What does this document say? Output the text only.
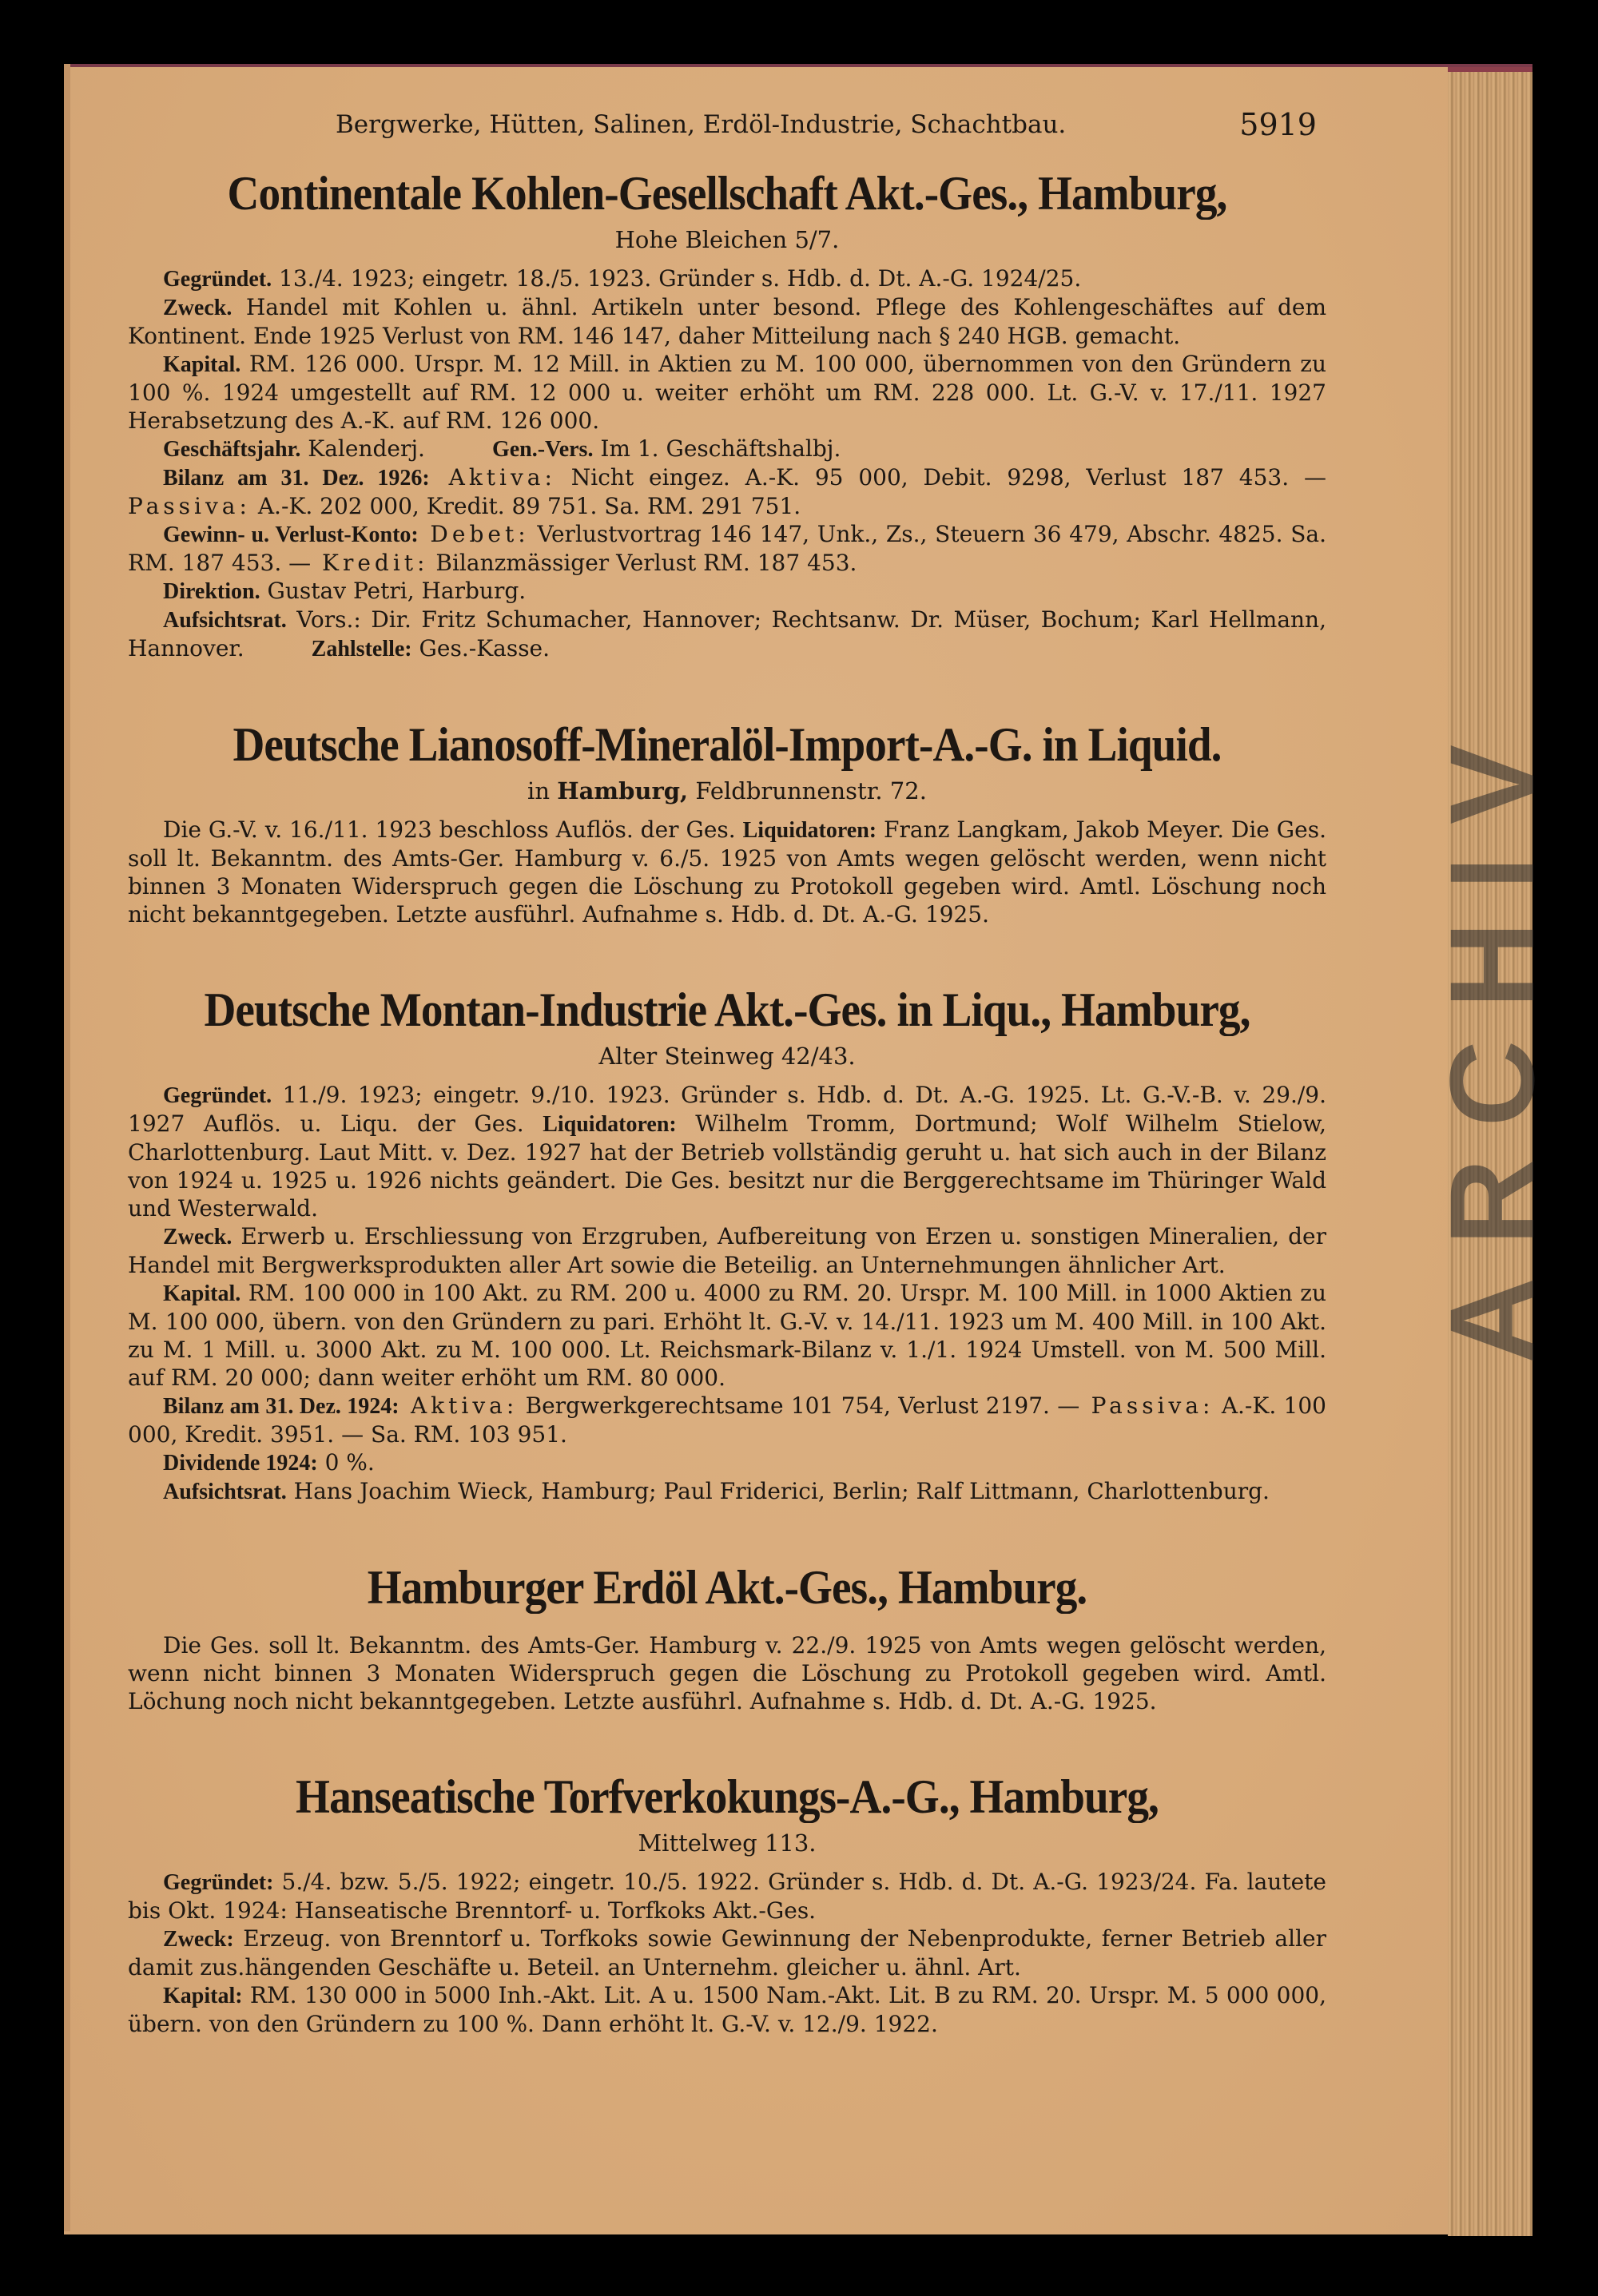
ARCHIV
Bergwerke, Hütten, Salinen, Erdöl-Industrie, Schachtbau.	5919
Continentale Kohlen-Gesellschaft Akt.-Ges., Hamburg,
Hohe Bleichen 5/7.

Gegründet. 13./4. 1923; eingetr. 18./5. 1923. Gründer s. Hdb. d. Dt. A.-G. 1924/25.

Zweck. Handel mit Kohlen u. ähnl. Artikeln unter besond. Pflege des Kohlengeschäftes auf dem Kontinent. Ende 1925 Verlust von RM. 146 147, daher Mitteilung nach § 240 HGB. gemacht.

Kapital. RM. 126 000. Urspr. M. 12 Mill. in Aktien zu M. 100 000, übernommen von den Gründern zu 100 %. 1924 umgestellt auf RM. 12 000 u. weiter erhöht um RM. 228 000. Lt. G.-V. v. 17./11. 1927 Herabsetzung des A.-K. auf RM. 126 000.

Geschäftsjahr. Kalenderj.   	Gen.-Vers. Im 1. Geschäftshalbj.

Bilanz am 31. Dez. 1926: Aktiva: Nicht eingez. A.-K. 95 000, Debit. 9298, Verlust 187 453. — Passiva: A.-K. 202 000, Kredit. 89 751. Sa. RM. 291 751.

Gewinn- u. Verlust-Konto: Debet: Verlustvortrag 146 147, Unk., Zs., Steuern 36 479, Abschr. 4825. Sa. RM. 187 453. — Kredit: Bilanzmässiger Verlust RM. 187 453.

Direktion. Gustav Petri, Harburg.

Aufsichtsrat. Vors.: Dir. Fritz Schumacher, Hannover; Rechtsanw. Dr. Müser, Bochum; Karl Hellmann, Hannover.   	Zahlstelle: Ges.-Kasse.

Deutsche Lianosoff-Mineralöl-Import-A.-G. in Liquid.
in Hamburg, Feldbrunnenstr. 72.

Die G.-V. v. 16./11. 1923 beschloss Auflös. der Ges. Liquidatoren: Franz Langkam, Jakob Meyer. Die Ges. soll lt. Bekanntm. des Amts-Ger. Hamburg v. 6./5. 1925 von Amts wegen gelöscht werden, wenn nicht binnen 3 Monaten Widerspruch gegen die Löschung zu Protokoll gegeben wird. Amtl. Löschung noch nicht bekanntgegeben. Letzte ausführl. Aufnahme s. Hdb. d. Dt. A.-G. 1925.

Deutsche Montan-Industrie Akt.-Ges. in Liqu., Hamburg,
Alter Steinweg 42/43.

Gegründet. 11./9. 1923; eingetr. 9./10. 1923. Gründer s. Hdb. d. Dt. A.-G. 1925. Lt. G.-V.-B. v. 29./9. 1927 Auflös. u. Liqu. der Ges. Liquidatoren: Wilhelm Tromm, Dortmund; Wolf Wilhelm Stielow, Charlottenburg. Laut Mitt. v. Dez. 1927 hat der Betrieb vollständig geruht u. hat sich auch in der Bilanz von 1924 u. 1925 u. 1926 nichts geändert. Die Ges. besitzt nur die Berggerechtsame im Thüringer Wald und Westerwald.

Zweck. Erwerb u. Erschliessung von Erzgruben, Aufbereitung von Erzen u. sonstigen Mineralien, der Handel mit Bergwerksprodukten aller Art sowie die Beteilig. an Unternehmungen ähnlicher Art.

Kapital. RM. 100 000 in 100 Akt. zu RM. 200 u. 4000 zu RM. 20. Urspr. M. 100 Mill. in 1000 Aktien zu M. 100 000, übern. von den Gründern zu pari. Erhöht lt. G.-V. v. 14./11. 1923 um M. 400 Mill. in 100 Akt. zu M. 1 Mill. u. 3000 Akt. zu M. 100 000. Lt. Reichsmark-Bilanz v. 1./1. 1924 Umstell. von M. 500 Mill. auf RM. 20 000; dann weiter erhöht um RM. 80 000.

Bilanz am 31. Dez. 1924: Aktiva: Bergwerkgerechtsame 101 754, Verlust 2197. — Passiva: A.-K. 100 000, Kredit. 3951. — Sa. RM. 103 951.

Dividende 1924: 0 %.

Aufsichtsrat. Hans Joachim Wieck, Hamburg; Paul Friderici, Berlin; Ralf Littmann, Charlottenburg.

Hamburger Erdöl Akt.-Ges., Hamburg.

Die Ges. soll lt. Bekanntm. des Amts-Ger. Hamburg v. 22./9. 1925 von Amts wegen gelöscht werden, wenn nicht binnen 3 Monaten Widerspruch gegen die Löschung zu Protokoll gegeben wird. Amtl. Löchung noch nicht bekanntgegeben. Letzte ausführl. Aufnahme s. Hdb. d. Dt. A.-G. 1925.

Hanseatische Torfverkokungs-A.-G., Hamburg,
Mittelweg 113.

Gegründet: 5./4. bzw. 5./5. 1922; eingetr. 10./5. 1922. Gründer s. Hdb. d. Dt. A.-G. 1923/24. Fa. lautete bis Okt. 1924: Hanseatische Brenntorf- u. Torfkoks Akt.-Ges.

Zweck: Erzeug. von Brenntorf u. Torfkoks sowie Gewinnung der Nebenprodukte, ferner Betrieb aller damit zus.hängenden Geschäfte u. Beteil. an Unternehm. gleicher u. ähnl. Art.

Kapital: RM. 130 000 in 5000 Inh.-Akt. Lit. A u. 1500 Nam.-Akt. Lit. B zu RM. 20. Urspr. M. 5 000 000, übern. von den Gründern zu 100 %. Dann erhöht lt. G.-V. v. 12./9. 1922.
